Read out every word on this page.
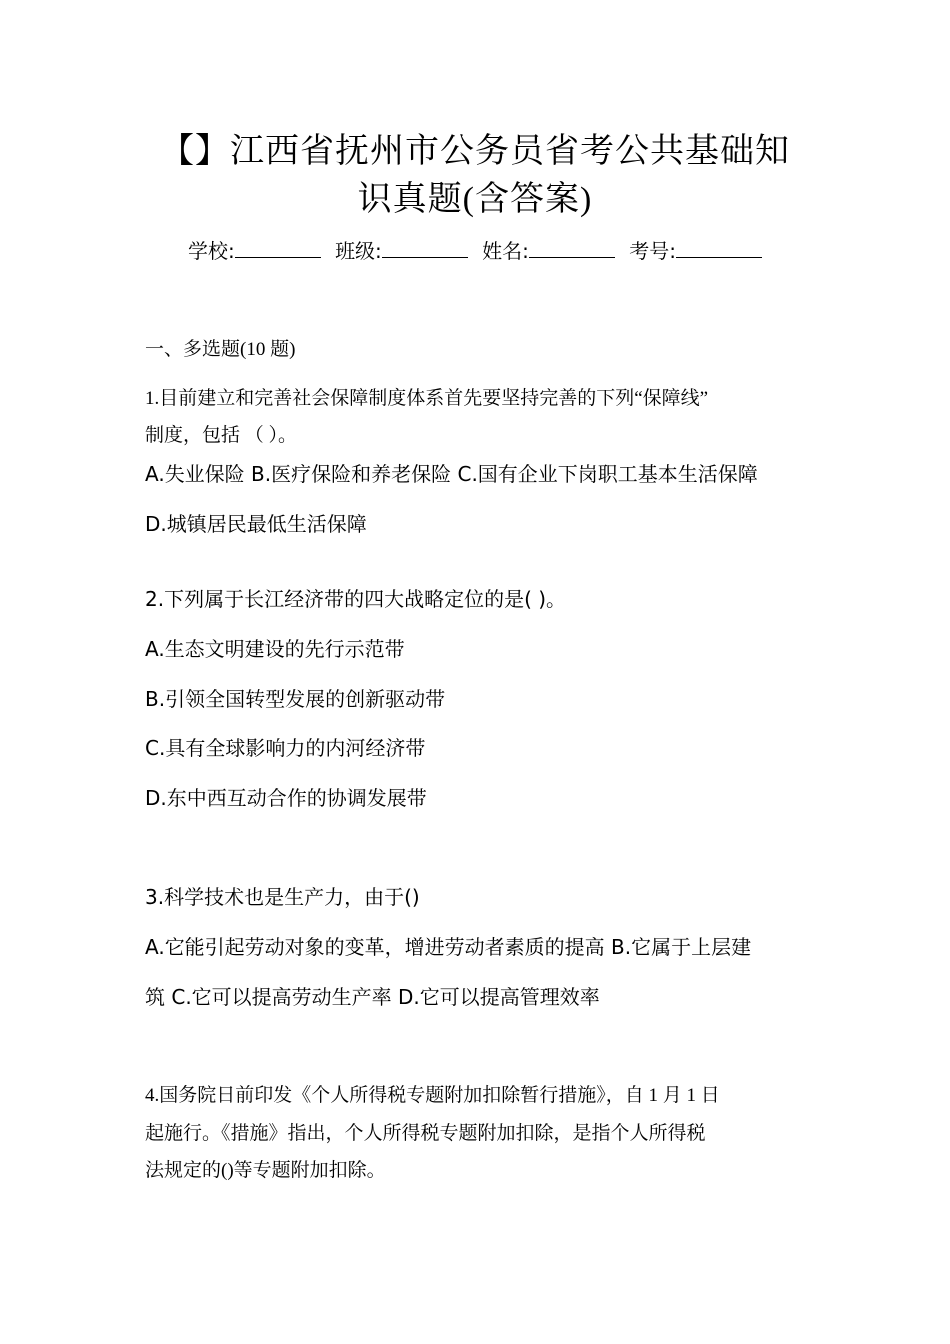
【】江西省抚州市公务员省考公共基础知
识真题(含答案)
学校:	班级:	姓名:	考号:
一、多选题(10 题)
1.目前建立和完善社会保障制度体系首先要坚持完善的下列“保障线”
制度，包括 （ ）。
A.失业保险 B.医疗保险和养老保险 C.国有企业下岗职工基本生活保障
D.城镇居民最低生活保障
2.下列属于长江经济带的四大战略定位的是( )。
A.生态文明建设的先行示范带
B.引领全国转型发展的创新驱动带
C.具有全球影响力的内河经济带
D.东中西互动合作的协调发展带
3.科学技术也是生产力，由于()
A.它能引起劳动对象的变革，增进劳动者素质的提高 B.它属于上层建
筑 C.它可以提高劳动生产率 D.它可以提高管理效率
4.国务院日前印发《个人所得税专题附加扣除暂行措施》，自 1 月 1 日
起施行。《措施》指出，个人所得税专题附加扣除，是指个人所得税
法规定的()等专题附加扣除。
